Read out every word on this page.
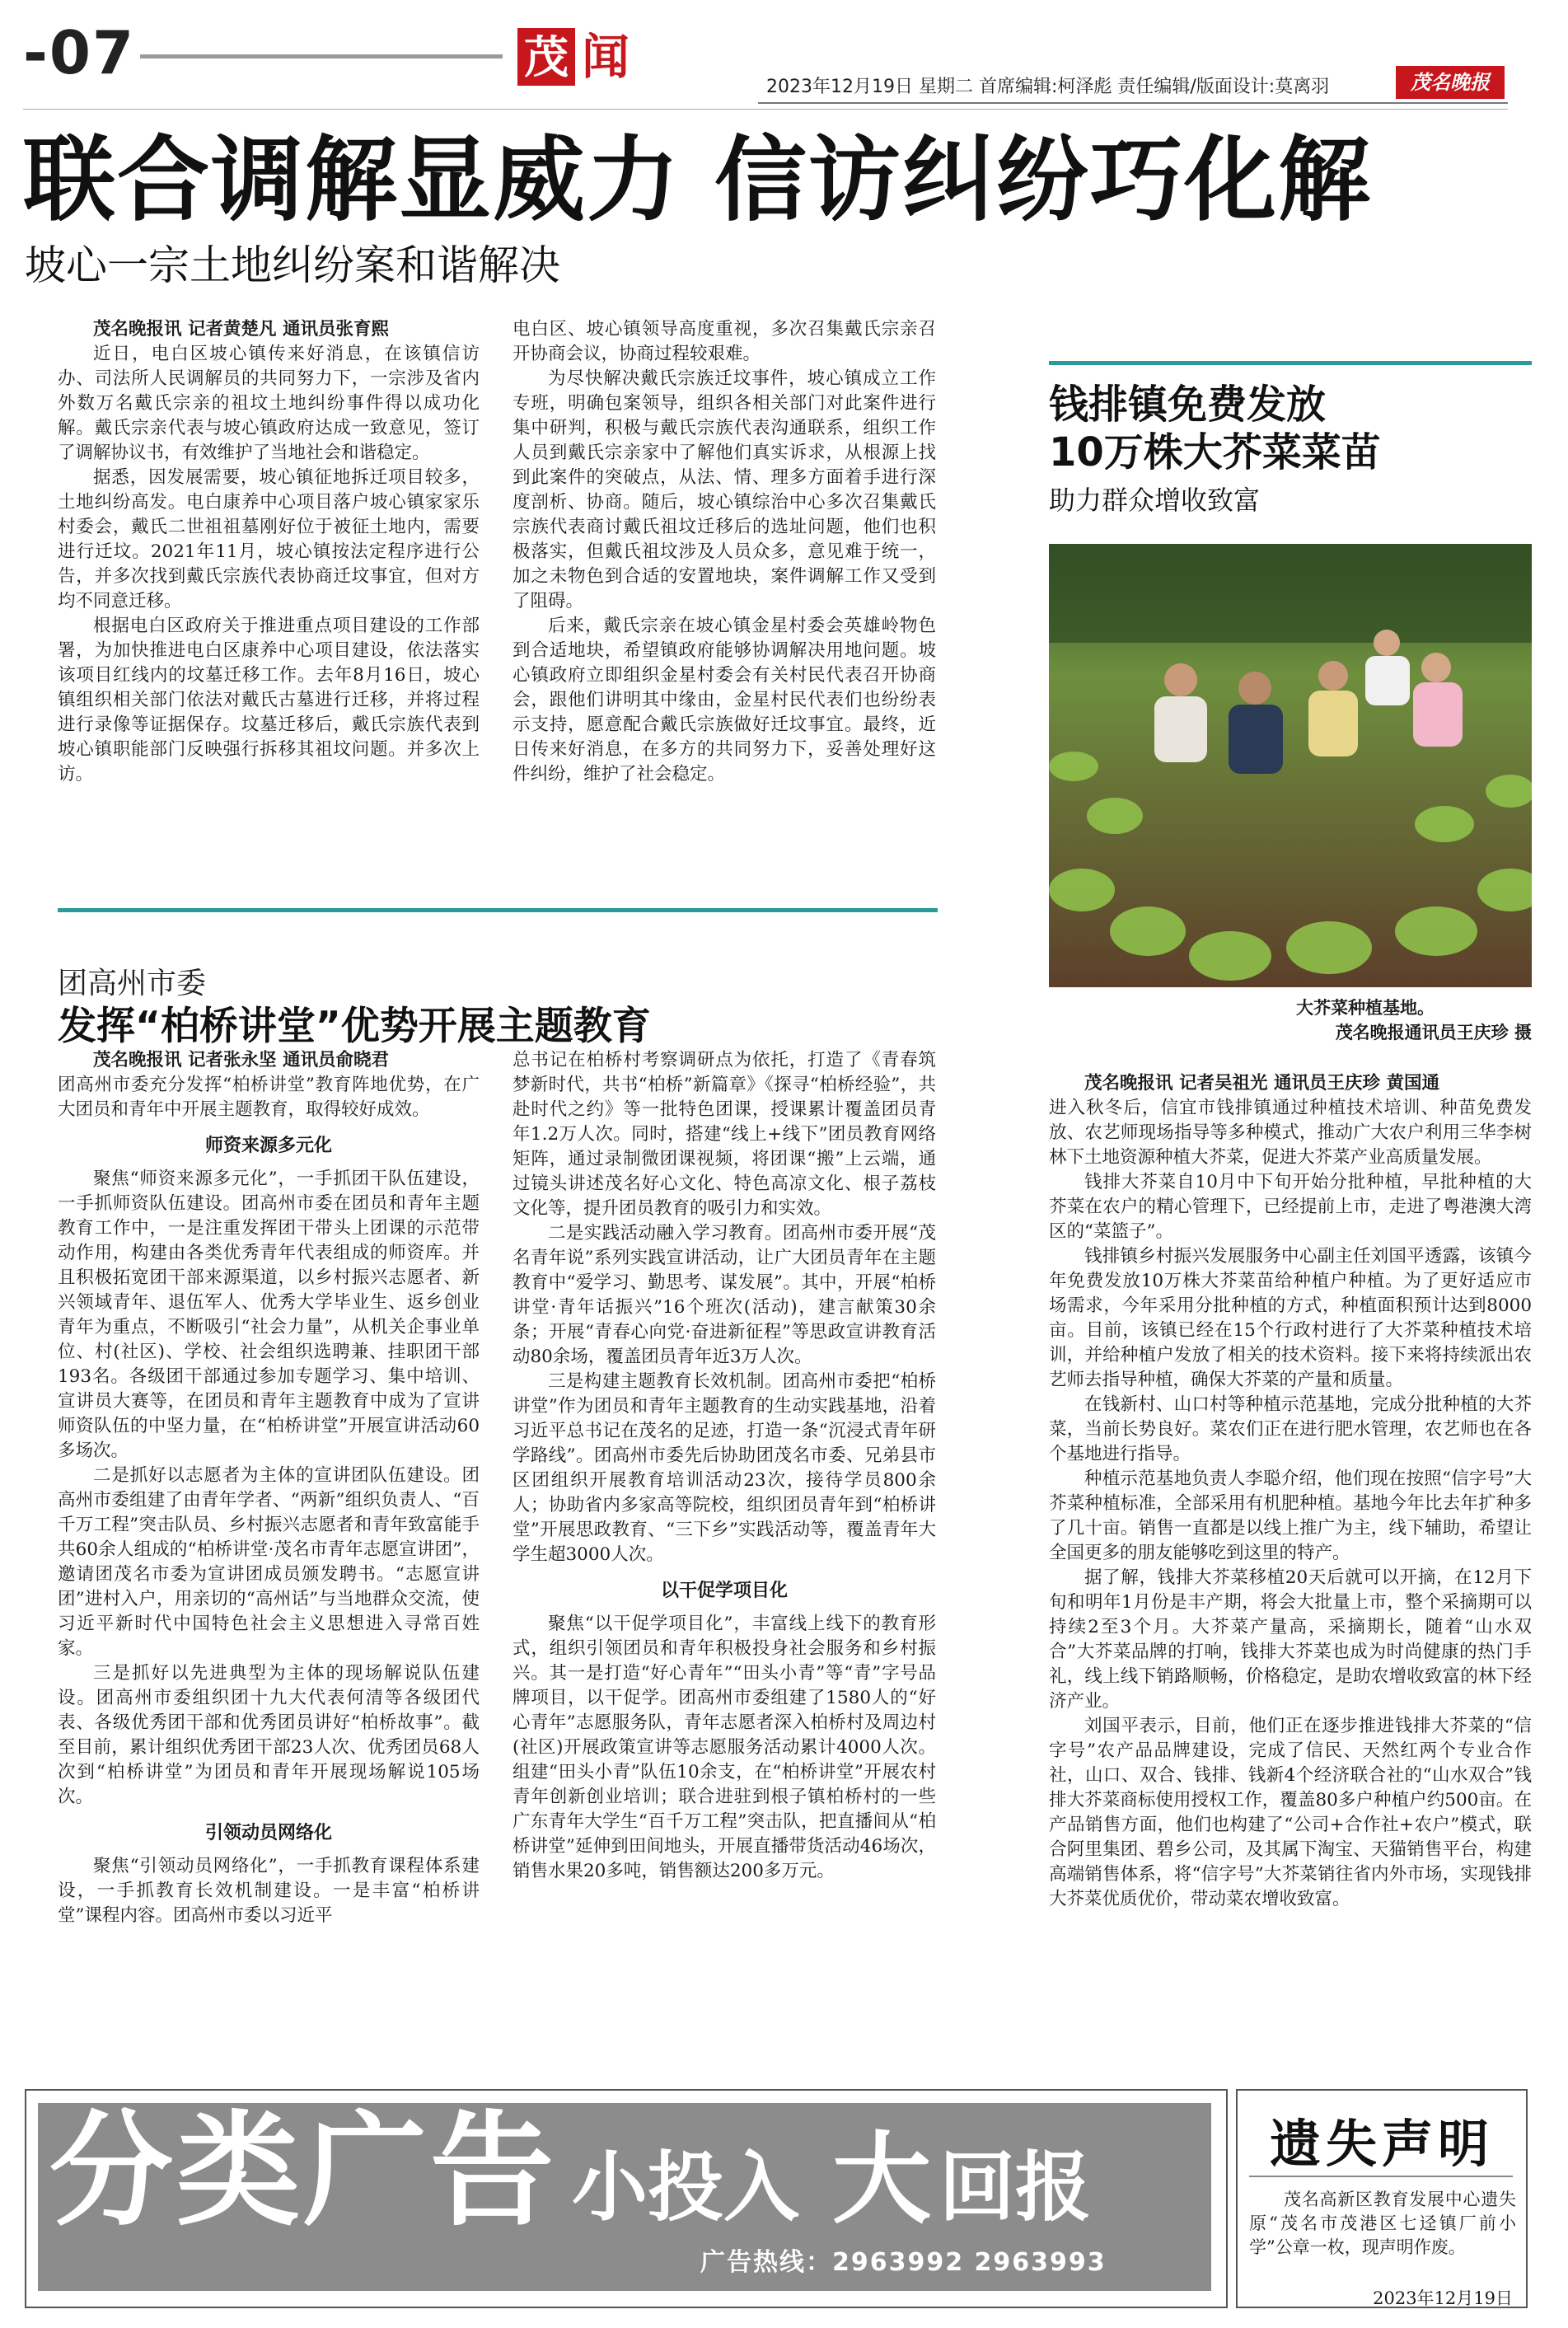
-07	茂 闻
2023年12月19日 星期二 首席编辑:柯泽彪 责任编辑/版面设计:莫离羽	茂名晚报
联合调解显威力 信访纠纷巧化解
坡心一宗土地纠纷案和谐解决

茂名晚报讯 记者黄楚凡 通讯员张育熙

近日，电白区坡心镇传来好消息，在该镇信访办、司法所人民调解员的共同努力下，一宗涉及省内外数万名戴氏宗亲的祖坟土地纠纷事件得以成功化解。戴氏宗亲代表与坡心镇政府达成一致意见，签订了调解协议书，有效维护了当地社会和谐稳定。

据悉，因发展需要，坡心镇征地拆迁项目较多，土地纠纷高发。电白康养中心项目落户坡心镇家家乐村委会，戴氏二世祖祖墓刚好位于被征土地内，需要进行迁坟。2021年11月，坡心镇按法定程序进行公告，并多次找到戴氏宗族代表协商迁坟事宜，但对方均不同意迁移。

根据电白区政府关于推进重点项目建设的工作部署，为加快推进电白区康养中心项目建设，依法落实该项目红线内的坟墓迁移工作。去年8月16日，坡心镇组织相关部门依法对戴氏古墓进行迁移，并将过程进行录像等证据保存。坟墓迁移后，戴氏宗族代表到坡心镇职能部门反映强行拆移其祖坟问题。并多次上访。

电白区、坡心镇领导高度重视，多次召集戴氏宗亲召开协商会议，协商过程较艰难。

为尽快解决戴氏宗族迁坟事件，坡心镇成立工作专班，明确包案领导，组织各相关部门对此案件进行集中研判，积极与戴氏宗族代表沟通联系，组织工作人员到戴氏宗亲家中了解他们真实诉求，从根源上找到此案件的突破点，从法、情、理多方面着手进行深度剖析、协商。随后，坡心镇综治中心多次召集戴氏宗族代表商讨戴氏祖坟迁移后的选址问题，他们也积极落实，但戴氏祖坟涉及人员众多，意见难于统一，加之未物色到合适的安置地块，案件调解工作又受到了阻碍。

后来，戴氏宗亲在坡心镇金星村委会英雄岭物色到合适地块，希望镇政府能够协调解决用地问题。坡心镇政府立即组织金星村委会有关村民代表召开协商会，跟他们讲明其中缘由，金星村民代表们也纷纷表示支持，愿意配合戴氏宗族做好迁坟事宜。最终，近日传来好消息，在多方的共同努力下，妥善处理好这件纠纷，维护了社会稳定。

团高州市委
发挥“柏桥讲堂”优势开展主题教育

茂名晚报讯 记者张永坚 通讯员俞晓君

团高州市委充分发挥“柏桥讲堂”教育阵地优势，在广大团员和青年中开展主题教育，取得较好成效。

师资来源多元化

聚焦“师资来源多元化”，一手抓团干队伍建设，一手抓师资队伍建设。团高州市委在团员和青年主题教育工作中，一是注重发挥团干带头上团课的示范带动作用，构建由各类优秀青年代表组成的师资库。并且积极拓宽团干部来源渠道，以乡村振兴志愿者、新兴领域青年、退伍军人、优秀大学毕业生、返乡创业青年为重点，不断吸引“社会力量”，从机关企事业单位、村(社区)、学校、社会组织选聘兼、挂职团干部193名。各级团干部通过参加专题学习、集中培训、宣讲员大赛等，在团员和青年主题教育中成为了宣讲师资队伍的中坚力量，在“柏桥讲堂”开展宣讲活动60多场次。

二是抓好以志愿者为主体的宣讲团队伍建设。团高州市委组建了由青年学者、“两新”组织负责人、“百千万工程”突击队员、乡村振兴志愿者和青年致富能手共60余人组成的“柏桥讲堂·茂名市青年志愿宣讲团”，邀请团茂名市委为宣讲团成员颁发聘书。“志愿宣讲团”进村入户，用亲切的“高州话”与当地群众交流，使习近平新时代中国特色社会主义思想进入寻常百姓家。

三是抓好以先进典型为主体的现场解说队伍建设。团高州市委组织团十九大代表何清等各级团代表、各级优秀团干部和优秀团员讲好“柏桥故事”。截至目前，累计组织优秀团干部23人次、优秀团员68人次到“柏桥讲堂”为团员和青年开展现场解说105场次。

引领动员网络化

聚焦“引领动员网络化”，一手抓教育课程体系建设，一手抓教育长效机制建设。一是丰富“柏桥讲堂”课程内容。团高州市委以习近平

总书记在柏桥村考察调研点为依托，打造了《青春筑梦新时代，共书“柏桥”新篇章》《探寻“柏桥经验”，共赴时代之约》等一批特色团课，授课累计覆盖团员青年1.2万人次。同时，搭建“线上+线下”团员教育网络矩阵，通过录制微团课视频，将团课“搬”上云端，通过镜头讲述茂名好心文化、特色高凉文化、根子荔枝文化等，提升团员教育的吸引力和实效。

二是实践活动融入学习教育。团高州市委开展“茂名青年说”系列实践宣讲活动，让广大团员青年在主题教育中“爱学习、勤思考、谋发展”。其中，开展“柏桥讲堂·青年话振兴”16个班次(活动)，建言献策30余条；开展“青春心向党·奋进新征程”等思政宣讲教育活动80余场，覆盖团员青年近3万人次。

三是构建主题教育长效机制。团高州市委把“柏桥讲堂”作为团员和青年主题教育的生动实践基地，沿着习近平总书记在茂名的足迹，打造一条“沉浸式青年研学路线”。团高州市委先后协助团茂名市委、兄弟县市区团组织开展教育培训活动23次，接待学员800余人；协助省内多家高等院校，组织团员青年到“柏桥讲堂”开展思政教育、“三下乡”实践活动等，覆盖青年大学生超3000人次。

以干促学项目化

聚焦“以干促学项目化”，丰富线上线下的教育形式，组织引领团员和青年积极投身社会服务和乡村振兴。其一是打造“好心青年”“田头小青”等“青”字号品牌项目，以干促学。团高州市委组建了1580人的“好心青年”志愿服务队，青年志愿者深入柏桥村及周边村(社区)开展政策宣讲等志愿服务活动累计4000人次。组建“田头小青”队伍10余支，在“柏桥讲堂”开展农村青年创新创业培训；联合进驻到根子镇柏桥村的一些广东青年大学生“百千万工程”突击队，把直播间从“柏桥讲堂”延伸到田间地头，开展直播带货活动46场次，销售水果20多吨，销售额达200多万元。

钱排镇免费发放
10万株大芥菜菜苗
助力群众增收致富
大芥菜种植基地。
茂名晚报通讯员王庆珍 摄

茂名晚报讯 记者吴祖光 通讯员王庆珍 黄国通

进入秋冬后，信宜市钱排镇通过种植技术培训、种苗免费发放、农艺师现场指导等多种模式，推动广大农户利用三华李树林下土地资源种植大芥菜，促进大芥菜产业高质量发展。

钱排大芥菜自10月中下旬开始分批种植，早批种植的大芥菜在农户的精心管理下，已经提前上市，走进了粤港澳大湾区的“菜篮子”。

钱排镇乡村振兴发展服务中心副主任刘国平透露，该镇今年免费发放10万株大芥菜苗给种植户种植。为了更好适应市场需求，今年采用分批种植的方式，种植面积预计达到8000亩。目前，该镇已经在15个行政村进行了大芥菜种植技术培训，并给种植户发放了相关的技术资料。接下来将持续派出农艺师去指导种植，确保大芥菜的产量和质量。

在钱新村、山口村等种植示范基地，完成分批种植的大芥菜，当前长势良好。菜农们正在进行肥水管理，农艺师也在各个基地进行指导。

种植示范基地负责人李聪介绍，他们现在按照“信字号”大芥菜种植标准，全部采用有机肥种植。基地今年比去年扩种多了几十亩。销售一直都是以线上推广为主，线下辅助，希望让全国更多的朋友能够吃到这里的特产。

据了解，钱排大芥菜移植20天后就可以开摘，在12月下旬和明年1月份是丰产期，将会大批量上市，整个采摘期可以持续2至3个月。大芥菜产量高，采摘期长，随着“山水双合”大芥菜品牌的打响，钱排大芥菜也成为时尚健康的热门手礼，线上线下销路顺畅，价格稳定，是助农增收致富的林下经济产业。

刘国平表示，目前，他们正在逐步推进钱排大芥菜的“信字号”农产品品牌建设，完成了信民、天然红两个专业合作社，山口、双合、钱排、钱新4个经济联合社的“山水双合”钱排大芥菜商标使用授权工作，覆盖80多户种植户约500亩。在产品销售方面，他们也构建了“公司+合作社+农户”模式，联合阿里集团、碧乡公司，及其属下淘宝、天猫销售平台，构建高端销售体系，将“信字号”大芥菜销往省内外市场，实现钱排大芥菜优质优价，带动菜农增收致富。

分类广告 小投入 大 回报
广告热线：2963992 2963993
遗失声明
茂名高新区教育发展中心遗失原“茂名市茂港区七迳镇厂前小学”公章一枚，现声明作废。
2023年12月19日
